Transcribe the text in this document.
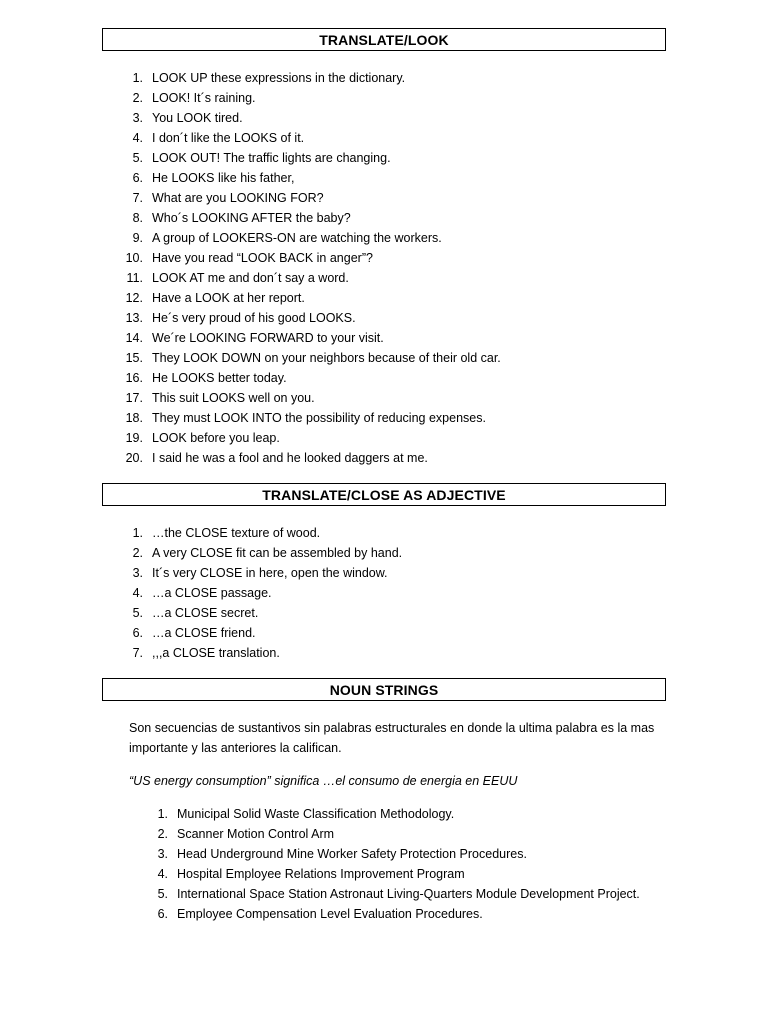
TRANSLATE/LOOK
1. LOOK UP these expressions in the dictionary.
2. LOOK! It´s raining.
3. You LOOK tired.
4. I don´t like the LOOKS of it.
5. LOOK OUT! The traffic lights are changing.
6. He LOOKS like his father,
7. What are you LOOKING FOR?
8. Who´s LOOKING AFTER the baby?
9. A group of LOOKERS-ON are watching the workers.
10. Have you read “LOOK BACK in anger”?
11. LOOK AT me and don´t say a word.
12. Have a LOOK at her report.
13. He´s very proud of his good LOOKS.
14. We´re LOOKING FORWARD to your visit.
15. They LOOK DOWN on your neighbors because of their old car.
16. He LOOKS better today.
17. This suit LOOKS well on you.
18. They must LOOK INTO the possibility of reducing expenses.
19. LOOK before you leap.
20. I said he was a fool and he looked daggers at me.
TRANSLATE/CLOSE AS ADJECTIVE
1. …the CLOSE texture of wood.
2. A very CLOSE fit can be assembled by hand.
3. It´s very CLOSE in here, open the window.
4. …a CLOSE passage.
5. …a CLOSE secret.
6. …a CLOSE friend.
7. ,,,a CLOSE translation.
NOUN STRINGS
Son secuencias de sustantivos sin palabras estructurales en donde la ultima palabra es la mas
importante y las anteriores la califican.
“US energy consumption” significa …el consumo de energia en EEUU
1. Municipal Solid Waste Classification Methodology.
2. Scanner Motion Control Arm
3. Head Underground Mine Worker Safety Protection Procedures.
4. Hospital Employee Relations Improvement Program
5. International Space Station Astronaut Living-Quarters Module Development Project.
6. Employee Compensation Level Evaluation Procedures.
